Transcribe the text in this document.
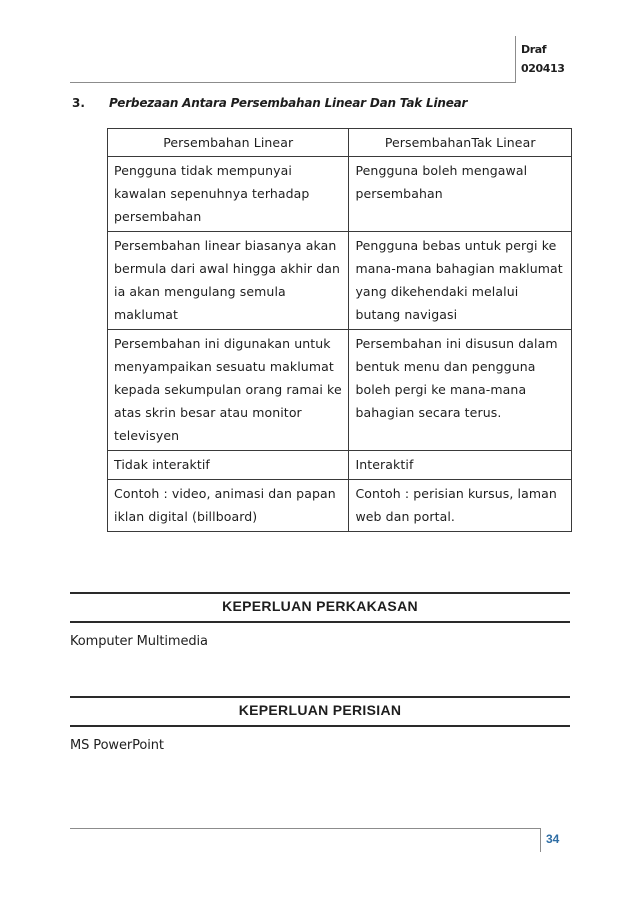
Draf
020413
3. Perbezaan Antara Persembahan Linear Dan Tak Linear
Persembahan Linear	PersembahanTak Linear
Pengguna tidak mempunyai kawalan sepenuhnya terhadap persembahan	Pengguna boleh mengawal persembahan
Persembahan linear biasanya akan bermula dari awal hingga akhir dan ia akan mengulang semula maklumat	Pengguna bebas untuk pergi ke mana-mana bahagian maklumat yang dikehendaki melalui butang navigasi
Persembahan ini digunakan untuk menyampaikan sesuatu maklumat kepada sekumpulan orang ramai ke atas skrin besar atau monitor televisyen	Persembahan ini disusun dalam bentuk menu dan pengguna boleh pergi ke mana-mana bahagian secara terus.
Tidak interaktif	Interaktif
Contoh : video, animasi dan papan iklan digital (billboard)	Contoh : perisian kursus, laman web dan portal.
KEPERLUAN PERKAKASAN
Komputer Multimedia
KEPERLUAN PERISIAN
MS PowerPoint
34
